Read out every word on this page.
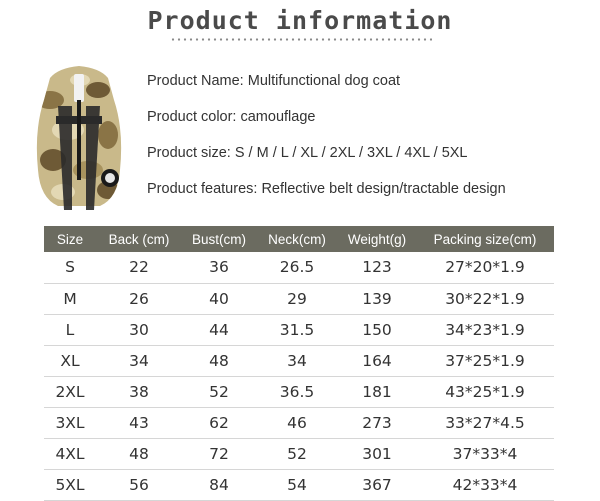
Product information
Product Name: Multifunctional dog coat
Product color: camouflage
Product size: S / M / L / XL / 2XL / 3XL / 4XL / 5XL
Product features: Reflective belt design/tractable design
Size	Back (cm)	Bust(cm)	Neck(cm)	Weight(g)	Packing size(cm)
S	22	36	26.5	123	27*20*1.9
M	26	40	29	139	30*22*1.9
L	30	44	31.5	150	34*23*1.9
XL	34	48	34	164	37*25*1.9
2XL	38	52	36.5	181	43*25*1.9
3XL	43	62	46	273	33*27*4.5
4XL	48	72	52	301	37*33*4
5XL	56	84	54	367	42*33*4
